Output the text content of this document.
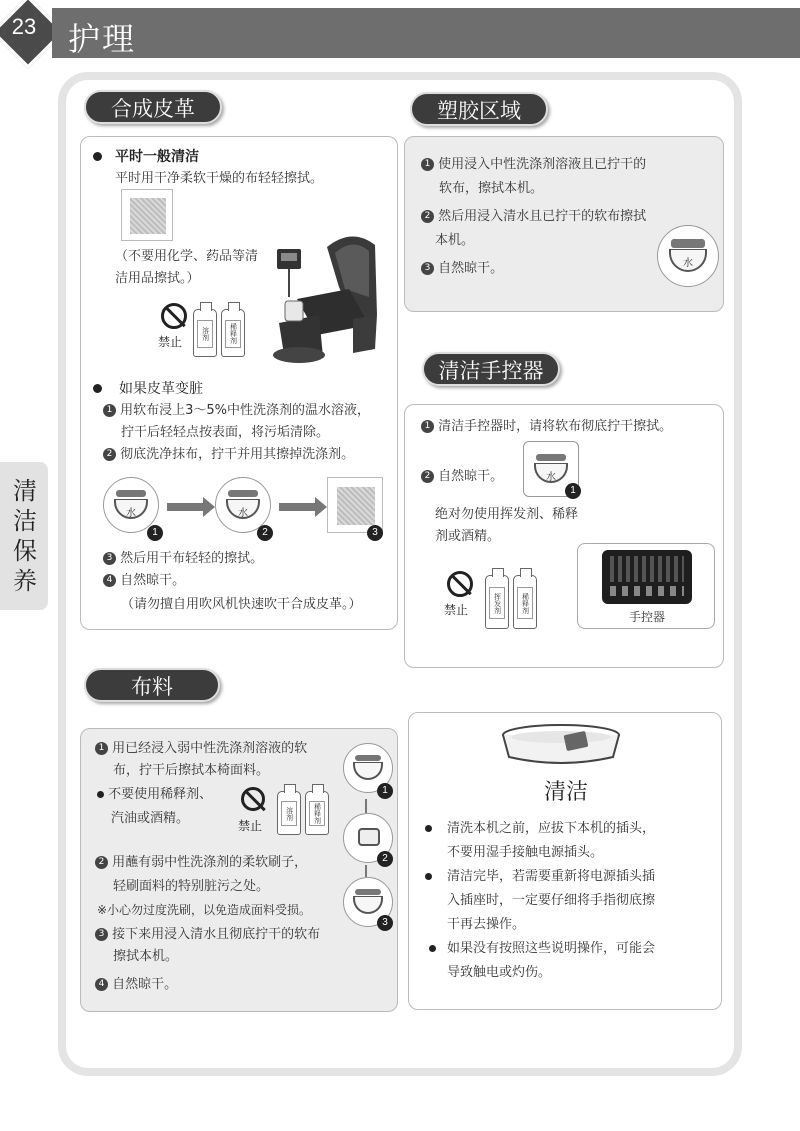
23 护理
清洁保养
合成皮革
平时一般清洁
平时用干净柔软干燥的布轻轻擦拭。
（不要用化学、药品等清
洁用品擦拭。）
禁止
溶剂	稀释剂
如果皮革变脏
1 用软布浸上3～5%中性洗涤剂的温水溶液，
拧干后轻轻点按表面，将污垢清除。
2 彻底洗净抹布，拧干并用其擦掉洗涤剂。
水
1
水
2	3
3 然后用干布轻轻的擦拭。
4 自然晾干。
（请勿擅自用吹风机快速吹干合成皮革。）
塑胶区域
1 使用浸入中性洗涤剂溶液且已拧干的
软布，擦拭本机。
2 然后用浸入清水且已拧干的软布擦拭
本机。
3 自然晾干。	水
清洁手控器
1 清洁手控器时，请将软布彻底拧干擦拭。
2 自然晾干。	水
1
绝对勿使用挥发剂、稀释
剂或酒精。
禁止	挥发剂	稀释剂
手控器
布料
1 用已经浸入弱中性洗涤剂溶液的软
布，拧干后擦拭本椅面料。
不要使用稀释剂、
汽油或酒精。	禁止
溶剂	稀释剂
2 用蘸有弱中性洗涤剂的柔软刷子，
轻刷面料的特别脏污之处。
※小心勿过度洗刷，以免造成面料受损。
3 接下来用浸入清水且彻底拧干的软布
擦拭本机。
4 自然晾干。
1
2
3
清洁
清洗本机之前，应拔下本机的插头，
不要用湿手接触电源插头。
清洁完毕，若需要重新将电源插头插
入插座时，一定要仔细将手指彻底擦
干再去操作。
如果没有按照这些说明操作，可能会
导致触电或灼伤。
